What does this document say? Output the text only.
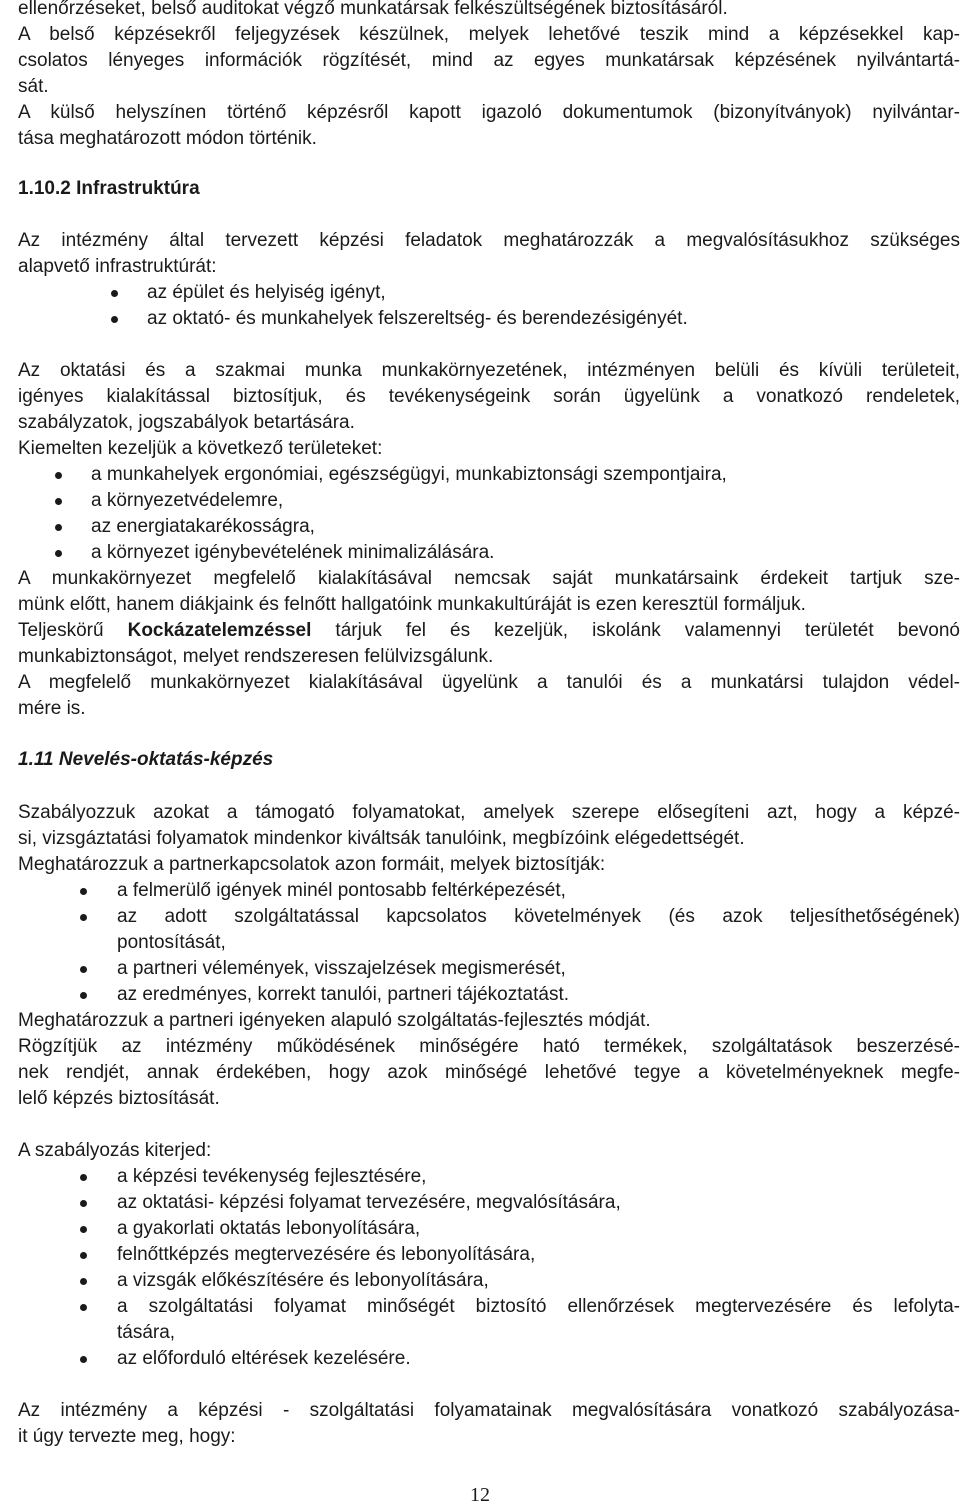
ellenőrzéseket, belső auditokat végző munkatársak felkészültségének biztosításáról.
A belső képzésekről feljegyzések készülnek, melyek lehetővé teszik mind a képzésekkel kap-
csolatos lényeges információk rögzítését, mind az egyes munkatársak képzésének nyilvántartá-
sát.
A külső helyszínen történő képzésről kapott igazoló dokumentumok (bizonyítványok) nyilvántar-
tása meghatározott módon történik.
1.10.2 Infrastruktúra
Az intézmény által tervezett képzési feladatok meghatározzák a megvalósításukhoz szükséges
alapvető infrastruktúrát:
az épület és helyiség igényt,
az oktató- és munkahelyek felszereltség- és berendezésigényét.
Az oktatási és a szakmai munka munkakörnyezetének, intézményen belüli és kívüli területeit,
igényes kialakítással biztosítjuk, és tevékenységeink során ügyelünk a vonatkozó rendeletek,
szabályzatok, jogszabályok betartására.
Kiemelten kezeljük a következő területeket:
a munkahelyek ergonómiai, egészségügyi, munkabiztonsági szempontjaira,
a környezetvédelemre,
az energiatakarékosságra,
a környezet igénybevételének minimalizálására.
A munkakörnyezet megfelelő kialakításával nemcsak saját munkatársaink érdekeit tartjuk sze-
münk előtt, hanem diákjaink és felnőtt hallgatóink munkakultúráját is ezen keresztül formáljuk.
Teljeskörű Kockázatelemzéssel tárjuk fel és kezeljük, iskolánk valamennyi területét bevonó
munkabiztonságot, melyet rendszeresen felülvizsgálunk.
A megfelelő munkakörnyezet kialakításával ügyelünk a tanulói és a munkatársi tulajdon védel-
mére is.
1.11 Nevelés-oktatás-képzés
Szabályozzuk azokat a támogató folyamatokat, amelyek szerepe elősegíteni azt, hogy a képzé-
si, vizsgáztatási folyamatok mindenkor kiváltsák tanulóink, megbízóink elégedettségét.
Meghatározzuk a partnerkapcsolatok azon formáit, melyek biztosítják:
a felmerülő igények minél pontosabb feltérképezését,
az adott szolgáltatással kapcsolatos követelmények (és azok teljesíthetőségének)
pontosítását,
a partneri vélemények, visszajelzések megismerését,
az eredményes, korrekt tanulói, partneri tájékoztatást.
Meghatározzuk a partneri igényeken alapuló szolgáltatás-fejlesztés módját.
Rögzítjük az intézmény működésének minőségére ható termékek, szolgáltatások beszerzésé-
nek rendjét, annak érdekében, hogy azok minőségé lehetővé tegye a követelményeknek megfe-
lelő képzés biztosítását.
A szabályozás kiterjed:
a képzési tevékenység fejlesztésére,
az oktatási- képzési folyamat tervezésére, megvalósítására,
a gyakorlati oktatás lebonyolítására,
felnőttképzés megtervezésére és lebonyolítására,
a vizsgák előkészítésére és lebonyolítására,
a szolgáltatási folyamat minőségét biztosító ellenőrzések megtervezésére és lefolyta-
tására,
az előforduló eltérések kezelésére.
Az intézmény a képzési - szolgáltatási folyamatainak megvalósítására vonatkozó szabályozása-
it úgy tervezte meg, hogy:
12
